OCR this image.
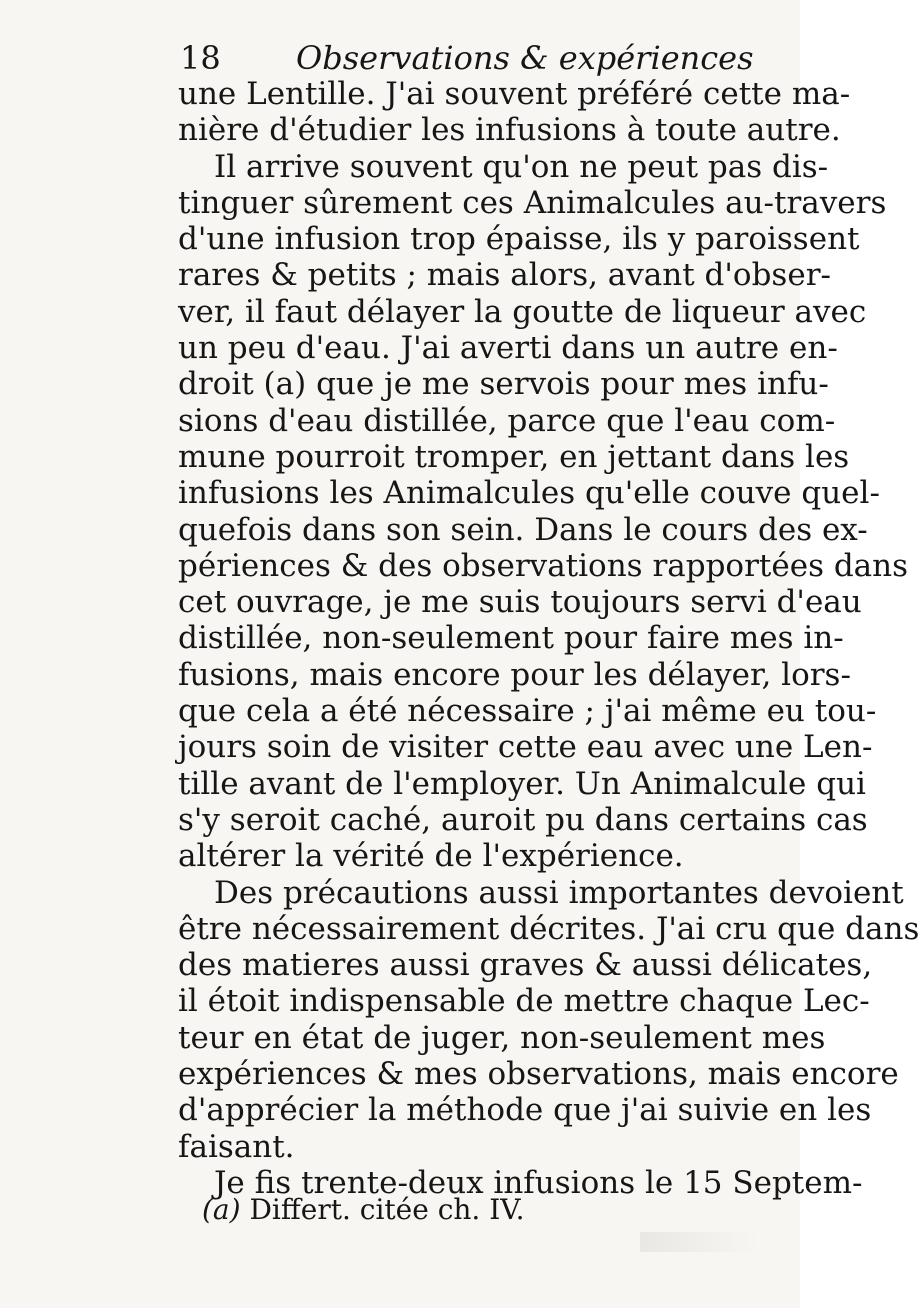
18 Observations & expériences
une Lentille. J'ai souvent préféré cette ma-
nière d'étudier les infusions à toute autre.
Il arrive souvent qu'on ne peut pas dis-
tinguer sûrement ces Animalcules au-travers
d'une infusion trop épaisse, ils y paroissent
rares & petits ; mais alors, avant d'obser-
ver, il faut délayer la goutte de liqueur avec
un peu d'eau. J'ai averti dans un autre en-
droit (a) que je me servois pour mes infu-
sions d'eau distillée, parce que l'eau com-
mune pourroit tromper, en jettant dans les
infusions les Animalcules qu'elle couve quel-
quefois dans son sein. Dans le cours des ex-
périences & des observations rapportées dans
cet ouvrage, je me suis toujours servi d'eau
distillée, non-seulement pour faire mes in-
fusions, mais encore pour les délayer, lors-
que cela a été nécessaire ; j'ai même eu tou-
jours soin de visiter cette eau avec une Len-
tille avant de l'employer. Un Animalcule qui
s'y seroit caché, auroit pu dans certains cas
altérer la vérité de l'expérience.
Des précautions aussi importantes devoient
être nécessairement décrites. J'ai cru que dans
des matieres aussi graves & aussi délicates,
il étoit indispensable de mettre chaque Lec-
teur en état de juger, non-seulement mes
expériences & mes observations, mais encore
d'apprécier la méthode que j'ai suivie en les
faisant.
Je fis trente-deux infusions le 15 Septem-
(a) Differt. citée ch. IV.
